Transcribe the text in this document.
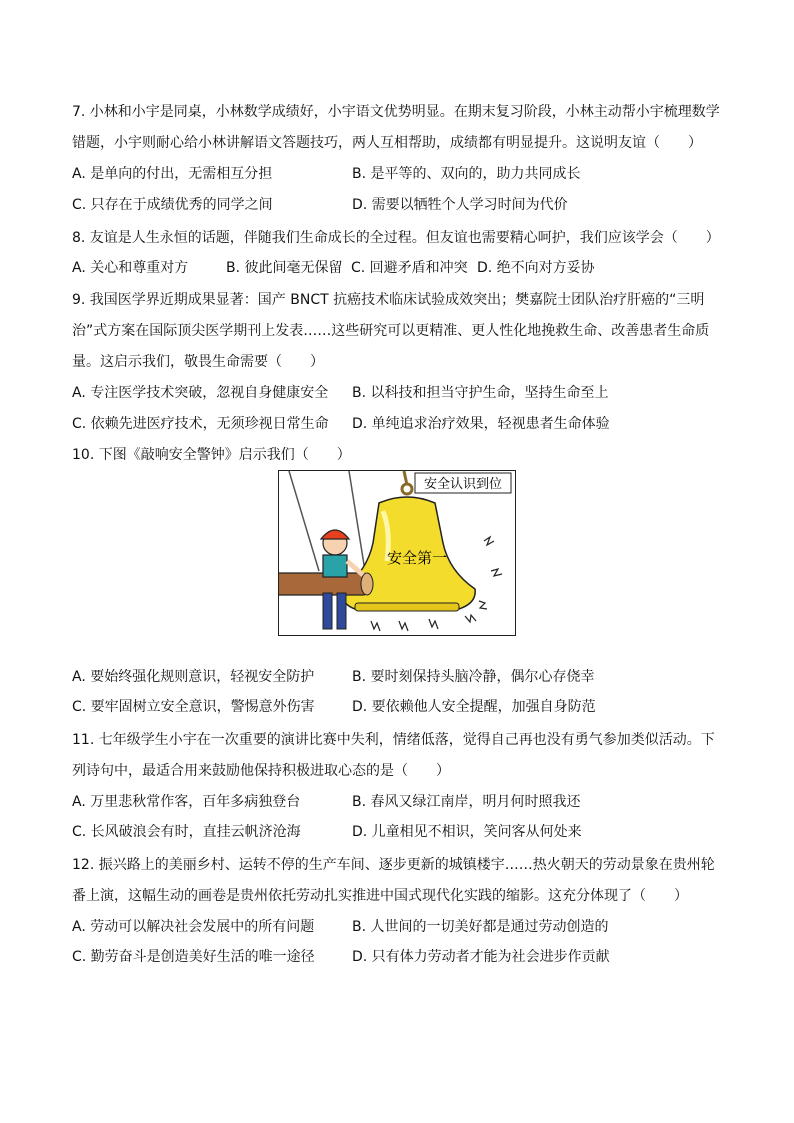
7. 小林和小宇是同桌，小林数学成绩好，小宇语文优势明显。在期末复习阶段，小林主动帮小宇梳理数学
错题，小宇则耐心给小林讲解语文答题技巧，两人互相帮助，成绩都有明显提升。这说明友谊（　　）
A. 是单向的付出，无需相互分担	B. 是平等的、双向的，助力共同成长
C. 只存在于成绩优秀的同学之间	D. 需要以牺牲个人学习时间为代价
8. 友谊是人生永恒的话题，伴随我们生命成长的全过程。但友谊也需要精心呵护，我们应该学会（　　）
A. 关心和尊重对方	B. 彼此间毫无保留 C. 回避矛盾和冲突 D. 绝不向对方妥协
9. 我国医学界近期成果显著：国产 BNCT 抗癌技术临床试验成效突出；樊嘉院士团队治疗肝癌的“三明
治”式方案在国际顶尖医学期刊上发表……这些研究可以更精准、更人性化地挽救生命、改善患者生命质
量。这启示我们，敬畏生命需要（　　）
A. 专注医学技术突破，忽视自身健康安全 B. 以科技和担当守护生命，坚持生命至上
C. 依赖先进医疗技术，无须珍视日常生命 D. 单纯追求治疗效果，轻视患者生命体验
10. 下图《敲响安全警钟》启示我们（　　）
安全认识到位
安全第一
A. 要始终强化规则意识，轻视安全防护	B. 要时刻保持头脑冷静，偶尔心存侥幸
C. 要牢固树立安全意识，警惕意外伤害	D. 要依赖他人安全提醒，加强自身防范
11. 七年级学生小宇在一次重要的演讲比赛中失利，情绪低落，觉得自己再也没有勇气参加类似活动。下
列诗句中，最适合用来鼓励他保持积极进取心态的是（　　）
A. 万里悲秋常作客，百年多病独登台	B. 春风又绿江南岸，明月何时照我还
C. 长风破浪会有时，直挂云帆济沧海	D. 儿童相见不相识，笑问客从何处来
12. 振兴路上的美丽乡村、运转不停的生产车间、逐步更新的城镇楼宇……热火朝天的劳动景象在贵州轮
番上演，这幅生动的画卷是贵州依托劳动扎实推进中国式现代化实践的缩影。这充分体现了（　　）
A. 劳动可以解决社会发展中的所有问题	B. 人世间的一切美好都是通过劳动创造的
C. 勤劳奋斗是创造美好生活的唯一途径	D. 只有体力劳动者才能为社会进步作贡献
